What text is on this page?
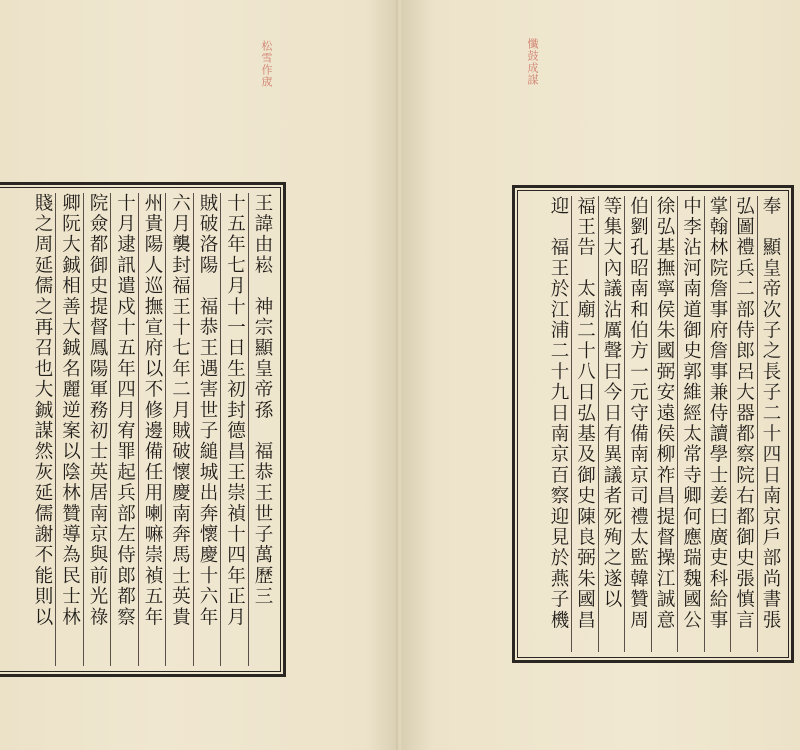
松雪作宬
王諱由崧　神宗顯皇帝孫　福恭王世子萬歷三
十五年七月十一日生初封德昌王崇禎十四年正月
賊破洛陽　福恭王遇害世子縋城出奔懷慶十六年
六月襲封福王十七年二月賊破懷慶南奔馬士英貴
州貴陽人巡撫宣府以不修邊備任用喇嘛崇禎五年
十月逮訊遣戍十五年四月宥罪起兵部左侍郎都察
院僉都御史提督鳳陽軍務初士英居南京與前光祿
卿阮大鋮相善大鋮名麗逆案以陰林贊導為民士林
賤之周延儒之再召也大鋮謀然灰延儒謝不能則以
懺鼓成謀
奉　顯皇帝次子之長子二十四日南京戶部尚書張
弘圖禮兵二部侍郎呂大器都察院右都御史張慎言
掌翰林院詹事府詹事兼侍讀學士姜曰廣吏科給事
中李沾河南道御史郭維經太常寺卿何應瑞魏國公
徐弘基撫寧侯朱國弼安遠侯柳祚昌提督操江誠意
伯劉孔昭南和伯方一元守備南京司禮太監韓贊周
等集大內議沾厲聲曰今日有異議者死殉之遂以
福王告　太廟二十八日弘基及御史陳良弼朱國昌
迎　福王於江浦二十九日南京百察迎見於燕子機
